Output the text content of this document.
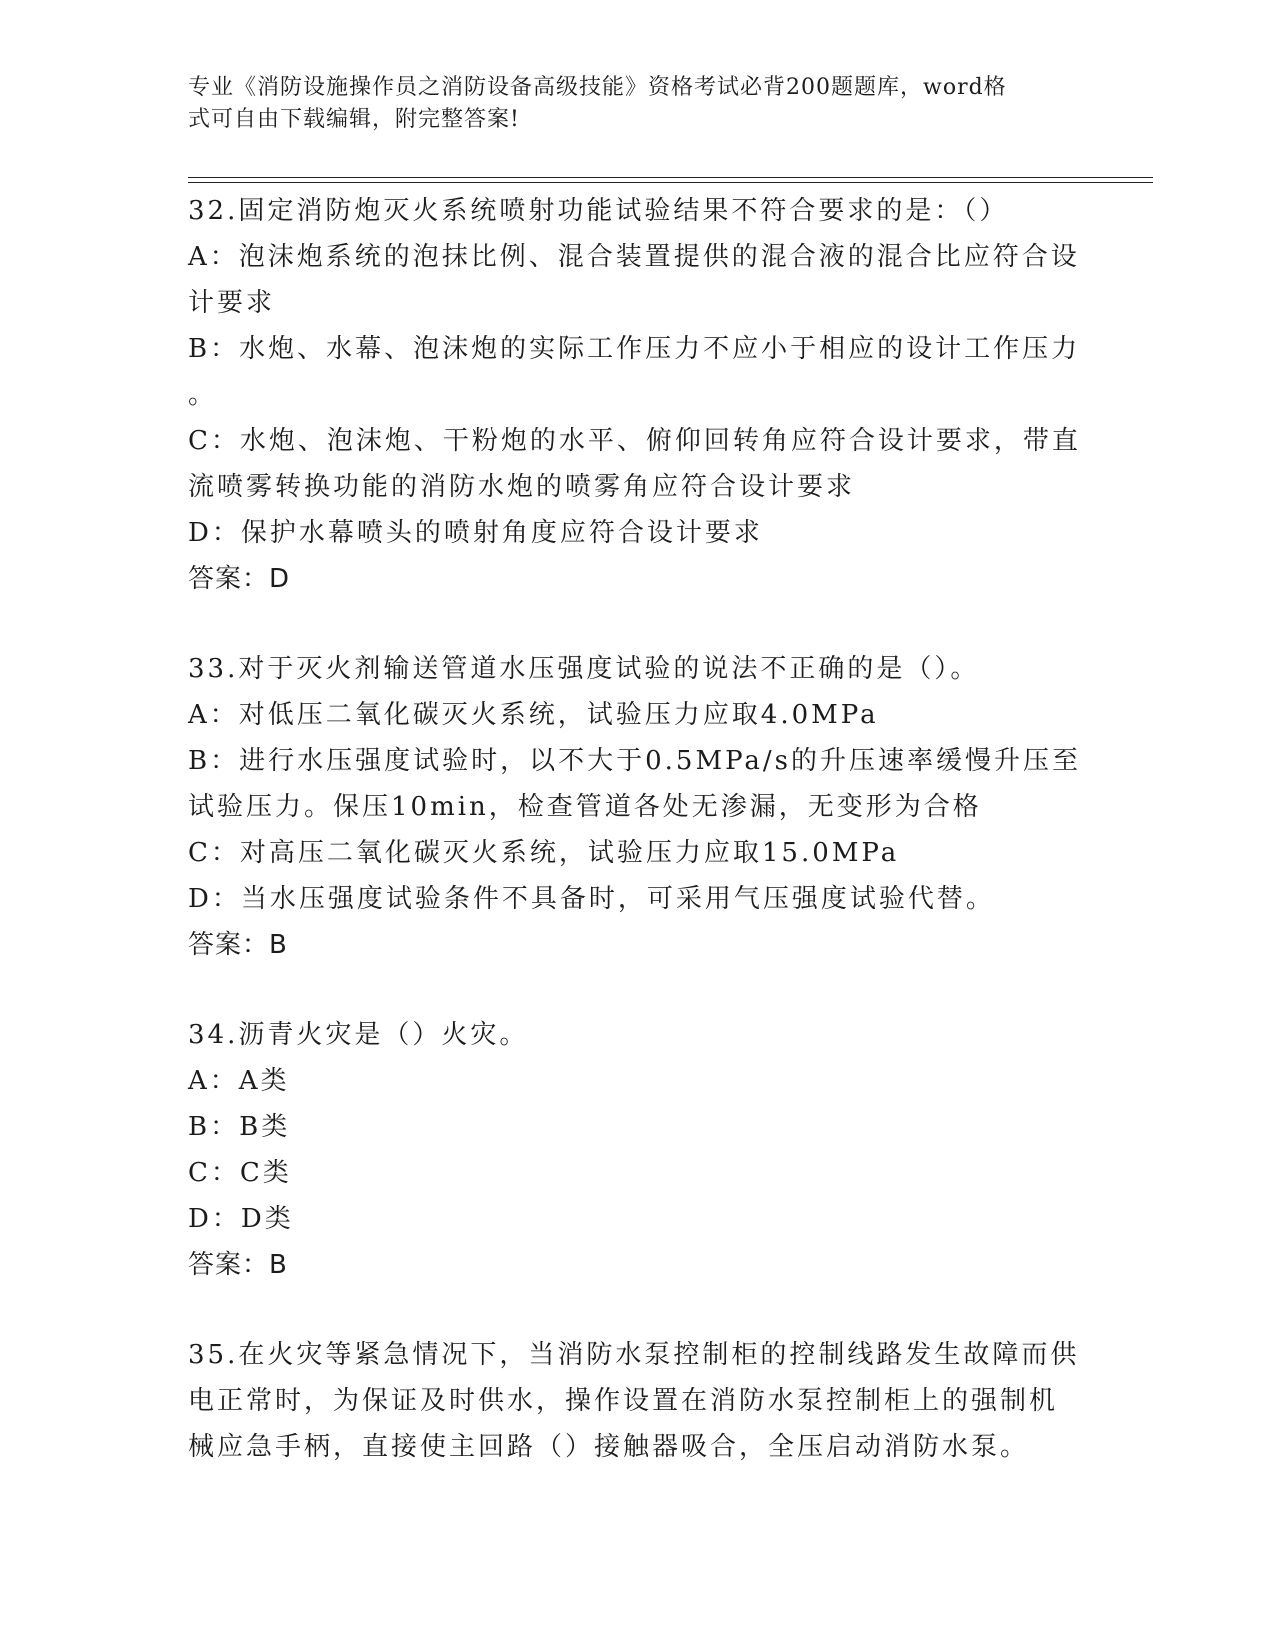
专业《消防设施操作员之消防设备高级技能》资格考试必背200题题库，word格
式可自由下载编辑，附完整答案!
32.固定消防炮灭火系统喷射功能试验结果不符合要求的是：（）
A：泡沫炮系统的泡抹比例、混合装置提供的混合液的混合比应符合设
计要求
B：水炮、水幕、泡沫炮的实际工作压力不应小于相应的设计工作压力
。
C：水炮、泡沫炮、干粉炮的水平、俯仰回转角应符合设计要求，带直
流喷雾转换功能的消防水炮的喷雾角应符合设计要求
D：保护水幕喷头的喷射角度应符合设计要求
答案：D
33.对于灭火剂输送管道水压强度试验的说法不正确的是（）。
A：对低压二氧化碳灭火系统，试验压力应取4.0MPa
B：进行水压强度试验时，以不大于0.5MPa/s的升压速率缓慢升压至
试验压力。保压10min，检查管道各处无渗漏，无变形为合格
C：对高压二氧化碳灭火系统，试验压力应取15.0MPa
D：当水压强度试验条件不具备时，可采用气压强度试验代替。
答案：B
34.沥青火灾是（）火灾。
A：A类
B：B类
C：C类
D：D类
答案：B
35.在火灾等紧急情况下，当消防水泵控制柜的控制线路发生故障而供
电正常时，为保证及时供水，操作设置在消防水泵控制柜上的强制机
械应急手柄，直接使主回路（）接触器吸合，全压启动消防水泵。
